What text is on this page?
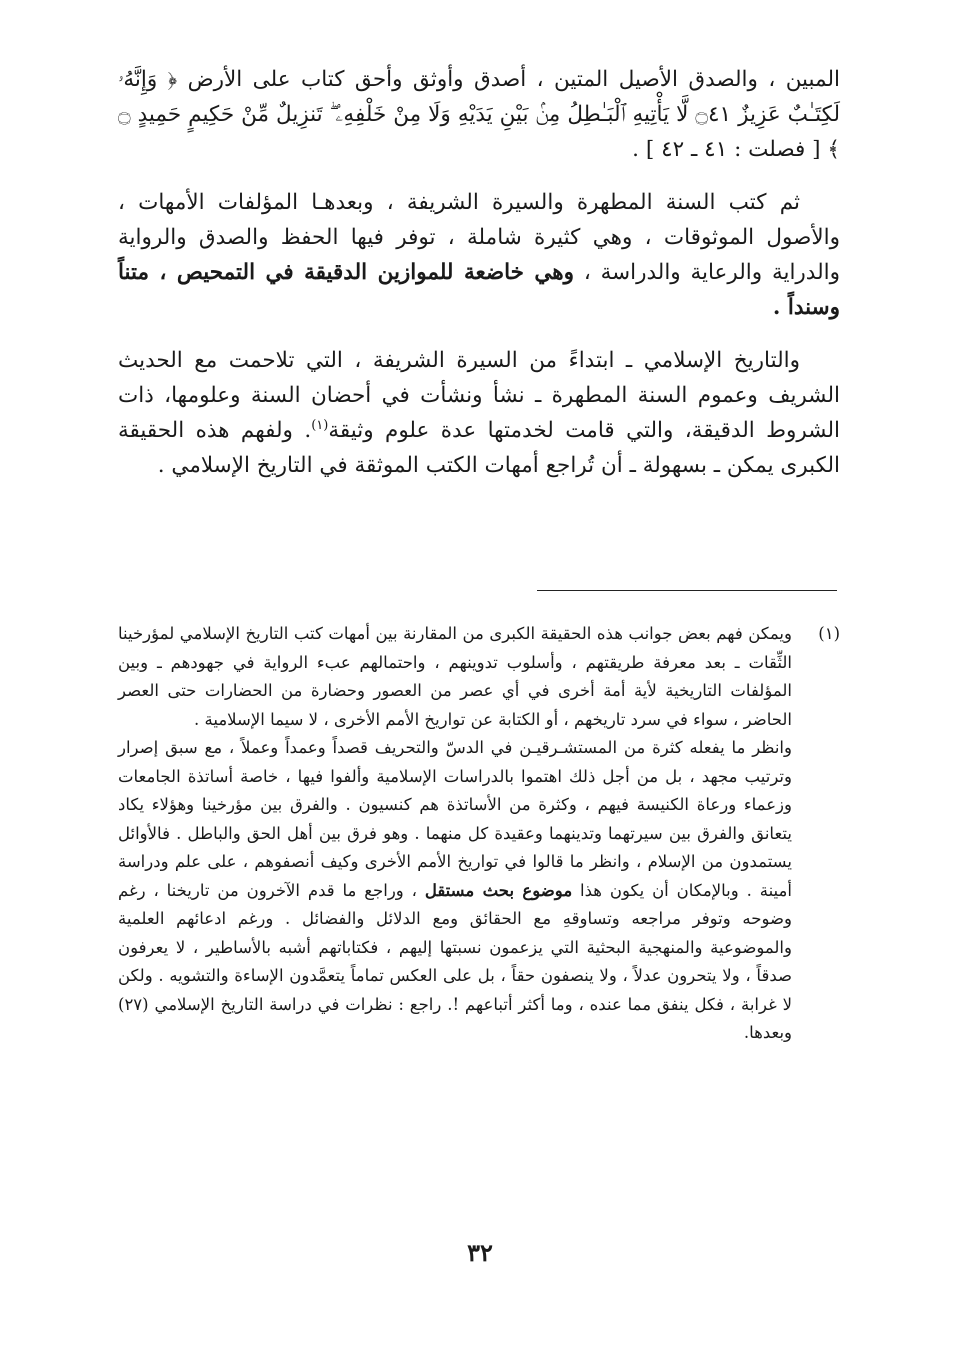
المبين ، والصدق الأصيل المتين ، أصدق وأوثق وأحق كتاب على الأرض ﴿ وَإِنَّهُۥ لَكِتَـٰبٌ عَزِيزٌ ۝٤١ لَّا يَأْتِيهِ ٱلْبَـٰطِلُ مِنۢ بَيْنِ يَدَيْهِ وَلَا مِنْ خَلْفِهِۦ ۖ تَنزِيلٌ مِّنْ حَكِيمٍ حَمِيدٍ ۝ ﴾ [ فصلت : ٤١ ـ ٤٢ ] .

ثم كتب السنة المطهرة والسيرة الشريفة ، وبعدهـا المؤلفات الأمهات ، والأصول الموثوقات ، وهي كثيرة شاملة ، توفر فيها الحفظ والصدق والرواية والدراية والرعاية والدراسة ، وهي خاضعة للموازين الدقيقة في التمحيص ، متناً وسنداً .

والتاريخ الإسلامي ـ ابتداءً من السيرة الشريفة ، التي تلاحمت مع الحديث الشريف وعموم السنة المطهرة ـ نشأ ونشأت في أحضان السنة وعلومها، ذات الشروط الدقيقة، والتي قامت لخدمتها عدة علوم وثيقة$^{(١)}$. ولفهم هذه الحقيقة الكبرى يمكن ـ بسهولة ـ أن تُراجع أمهات الكتب الموثقة في التاريخ الإسلامي .

(١)

ويمكن فهم بعض جوانب هذه الحقيقة الكبرى من المقارنة بين أمهات كتب التاريخ الإسلامي لمؤرخينا الثِّقات ـ بعد معرفة طريقتهم ، وأسلوب تدوينهم ، واحتمالهم عبء الرواية في جهودهم ـ وبين المؤلفات التاريخية لأية أمة أخرى في أي عصر من العصور وحضارة من الحضارات حتى العصر الحاضر ، سواء في سرد تاريخهم ، أو الكتابة عن تواريخ الأمم الأخرى ، لا سيما الإسلامية .

وانظر ما يفعله كثرة من المستشـرقيـن في الدسّ والتحريف قصداً وعمداً وعملاً ، مع سبق إصرار وترتيب مجهد ، بل من أجل ذلك اهتموا بالدراسات الإسلامية وألفوا فيها ، خاصة أساتذة الجامعات وزعماء ورعاة الكنيسة فيهم ، وكثرة من الأساتذة هم كنسيون . والفرق بين مؤرخينا وهؤلاء يكاد يتعانق والفرق بين سيرتهما وتدينهما وعقيدة كل منهما . وهو فرق بين أهل الحق والباطل . فالأوائل يستمدون من الإسلام ، وانظر ما قالوا في تواريخ الأمم الأخرى وكيف أنصفوهم ، على علم ودراسة أمينة . وبالإمكان أن يكون هذا موضوع بحث مستقل ، وراجع ما قدم الآخرون من تاريخنا ، رغم وضوحه وتوفر مراجعه وتساوقهِ مع الحقائق ومع الدلائل والفضائل . ورغم ادعائهم العلمية والموضوعية والمنهجية البحثية التي يزعمون نسبتها إليهم ، فكتاباتهم أشبه بالأساطير ، لا يعرفون صدقاً ، ولا يتحرون عدلاً ، ولا ينصفون حقاً ، بل على العكس تماماً يتعمَّدون الإساءة والتشويه . ولكن لا غرابة ، فكل ينفق مما عنده ، وما أكثر أتباعهم !. راجع : نظرات في دراسة التاريخ الإسلامي (٢٧) وبعدها.

٣٢
